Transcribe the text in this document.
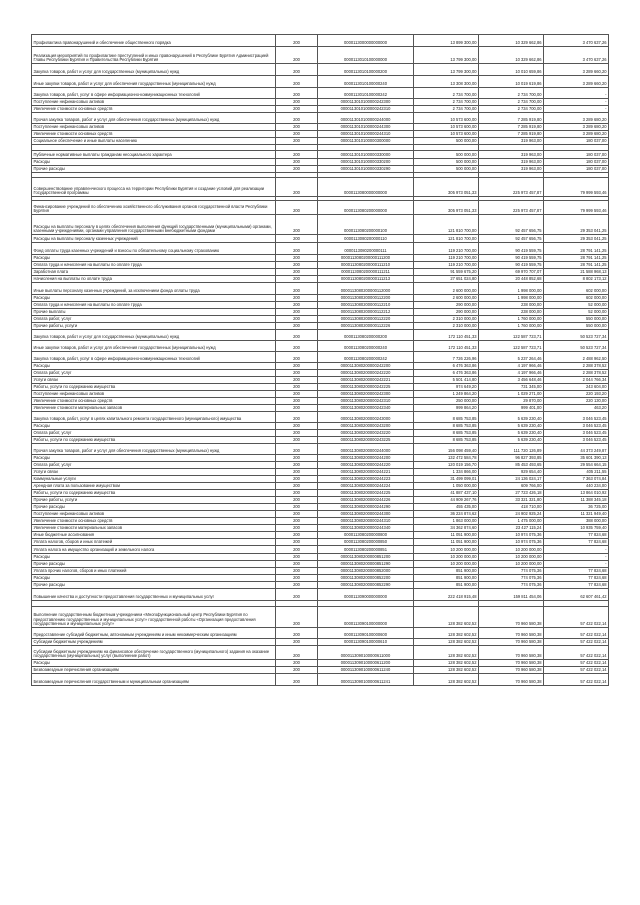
Профилактика правонарушений и обеспечение общественного порядка	200	0000113000000000000	13 899 300,00	10 329 662,86	3 470 637,26
Реализация мероприятий по профилактике преступлений и иных правонарушений в Республике Бурятия Администрацией Главы Республики Бурятия и Правительства Республики Бурятия	200	0000113010100000000	13 799 300,00	10 329 662,86	3 470 637,26
Закупка товаров, работ и услуг для государственных (муниципальных) нужд	200	0000113010100000200	13 799 300,00	10 010 659,86	3 289 660,20
Иные закупки товаров, работ и услуг для обеспечения государственных (муниципальных) нужд	200	0000113010100000240	13 308 300,00	10 019 619,86	3 289 660,20
Закупка товаров, работ, услуг в сфере информационно-коммуникационных технологий	200	0000113010100000242	2 734 700,00	2 734 700,00	-
Поступление нефинансовых активов	200	0000113010100000242300	2 734 700,00	2 734 700,00	-
Увеличение стоимости основных средств	200	0000113010100000242310	2 734 700,00	2 734 700,00	-
Прочая закупка товаров, работ и услуг для обеспечения государственных (муниципальных) нужд	200	0000113010100000244000	10 573 600,00	7 285 919,80	3 289 680,20
Поступление нефинансовых активов	200	0000113010100000244300	10 573 600,00	7 285 919,80	3 289 680,20
Увеличение стоимости основных средств	200	0000113010100000244310	10 573 600,00	7 285 919,80	3 289 680,20
Социальное обеспечение и иные выплаты населению	200	0000113010100000300000	500 000,00	319 963,00	180 037,00

Публичные нормативные выплаты гражданам несоциального характера	200	0000113010100000330000	500 000,00	319 963,00	180 037,00
Расходы	200	0000113010100000330200	500 000,00	319 963,00	180 037,00
Прочие расходы	200	0000113010100000330290	500 000,00	319 963,00	180 037,00

Совершенствование управленческого процесса на территории Республики Бурятия и создание условий для реализации Государственной программы	200	0000113080000000000	305 973 051,33	225 973 457,87	79 999 593,46

Финансирование учреждений по обеспечению хозяйственного обслуживания органов государственной власти Республики Бурятия	200	0000113080200000000	305 973 051,33	225 973 457,87	79 999 593,46
Расходы на выплаты персоналу в целях обеспечения выполнения функций государственными (муниципальными) органами, казенными учреждениями, органами управления государственными внебюджетными фондами	200	0000113080200000100	121 810 700,00	92 457 656,75	29 353 041,25
Расходы на выплаты персоналу казенных учреждений	200	0000113080200000110	121 810 700,00	92 457 656,75	29 353 041,25
Фонд оплаты труда казенных учреждений и взносы по обязательному социальному страхованию	200	0000113080200000111	119 210 700,00	90 419 559,75	28 791 141,25
Расходы	200	0000113080200000111200	119 210 700,00	90 419 559,75	28 791 141,25
Оплата труда и начисления на выплаты по оплате труда	200	0000113080200000111210	119 210 700,00	90 419 559,75	28 791 141,25
Заработная плата	200	0000113080200000111211	91 559 675,20	69 970 707,07	21 588 968,13
Начисления на выплаты по оплате труда	200	0000113080200000111213	27 651 024,80	20 448 852,68	8 802 173,12
Иные выплаты персоналу казенных учреждений, за исключением фонда оплаты труда	200	0000113080200000112000	2 600 000,00	1 998 000,00	602 000,00
Расходы	200	0000113080200000112200	2 600 000,00	1 998 000,00	602 000,00
Оплата труда и начисления на выплаты по оплате труда	200	0000113080200000112210	290 000,00	238 000,00	52 000,00
Прочие выплаты	200	0000113080200000112212	290 000,00	238 000,00	52 000,00
Оплата работ, услуг	200	0000113080200000112220	2 310 000,00	1 760 000,00	550 000,00
Прочие работы, услуги	200	0000113080200000112226	2 310 000,00	1 760 000,00	550 000,00
Закупка товаров, работ и услуг для государственных (муниципальных) нужд	200	0000113080200000200	172 110 451,33	122 587 723,71	50 523 727,34
Иные закупки товаров, работ и услуг для обеспечения государственных (муниципальных) нужд	200	0000113080200000240	172 110 451,33	122 587 723,71	50 523 727,34
Закупка товаров, работ, услуг в сфере информационно-коммуникационных технологий	200	0000113080200000242	7 726 226,96	5 237 264,46	2 488 962,50
Расходы	200	0000113080200000242200	6 476 363,86	4 197 966,46	2 288 378,52
Оплата работ, услуг	200	0000113080200000242220	6 476 363,86	4 197 966,46	2 288 378,52
Услуги связи	200	0000113080200000242221	5 501 414,80	3 456 648,46	2 044 766,34
Работы, услуги по содержанию имущества	200	0000113080200000242225	974 649,20	731 345,00	243 604,00
Поступление нефинансовых активов	200	0000113080200000242300	1 249 864,20	1 029 271,00	220 193,20
Увеличение стоимости основных средств	200	0000113080200000242310	250 000,00	29 870,00	220 130,00
Увеличение стоимости материальных запасов	200	0000113080200000242340	999 864,20	999 401,00	463,20
Закупка товаров, работ, услуг в целях капитального ремонта государственного (муниципального) имущества	200	0000113080200000243000	8 685 753,85	5 639 230,40	3 046 523,45
Расходы	200	0000113080200000243200	8 685 753,85	5 639 230,40	3 046 523,45
Оплата работ, услуг	200	0000113080200000243220	8 685 753,85	5 639 230,40	3 046 523,45
Работы, услуги по содержанию имущества	200	0000113080200000243225	8 685 753,85	5 639 230,40	3 046 523,45
Прочая закупка товаров, работ и услуг для обеспечения государственных (муниципальных) нужд	200	0000113080200000244000	156 098 459,40	111 720 126,89	44 373 249,87
Расходы	200	0000113080200000244200	132 472 584,78	96 827 393,85	35 601 390,13
Оплата работ, услуг	200	0000113080200000244220	120 019 156,70	85 453 493,65	29 554 664,15
Услуги связи	200	0000113080200000244221	1 334 866,00	929 654,40	405 211,55
Коммунальные услуги	200	0000113080200000244223	31 499 099,01	24 136 024,17	7 363 074,84
Арендная плата за пользование имуществом	200	0000113080200000244224	1 050 000,00	609 766,00	440 234,00
Работы, услуги по содержанию имущества	200	0000113080200000244225	41 887 437,10	27 723 426,18	13 864 010,92
Прочие работы, услуги	200	0000113080200000244226	44 909 267,76	33 321 321,80	11 388 345,18
Прочие расходы	200	0000113080200000244290	455 435,00	418 710,00	36 725,00
Поступление нефинансовых активов	200	0000113080200000244300	36 224 874,62	24 902 925,24	11 321 949,40
Увеличение стоимости основных средств	200	0000113080200000244310	1 863 000,00	1 475 000,00	388 000,00
Увеличение стоимости материальных запасов	200	0000113080200000244340	34 362 874,60	23 427 115,24	10 935 759,40
Иные бюджетные ассигнования	200	0000113080200000800	11 051 900,00	10 974 075,36	77 824,68
Уплата налогов, сборов и иных платежей	200	0000113080200000850	11 051 900,00	10 974 075,36	77 824,68
Уплата налога на имущество организаций и земельного налога	200	0000113080200000851	10 200 000,00	10 200 000,00	-
Расходы	200	0000113080200000851200	10 200 000,00	10 200 000,00	-
Прочие расходы	200	0000113080200000851290	10 200 000,00	10 200 000,00	-
Уплата прочих налогов, сборов и иных платежей	200	0000113080200000852000	851 900,00	774 075,36	77 824,68
Расходы	200	0000113080200000852200	851 900,00	774 075,36	77 824,68
Прочие расходы	200	0000113080200000852290	851 900,00	774 075,36	77 824,68
Повышение качества и доступности предоставления государственных и муниципальных услуг	200	0000113090000000000	222 418 915,48	159 811 454,06	62 607 461,42

Выполнение государственным бюджетным учреждением «Многофункциональный центр Республики Бурятия по предоставлению государственных и муниципальных услуг» государственной работы «Организация предоставления государственных и муниципальных услуг»	200	0000113090100000000	128 382 602,52	70 960 580,38	57 422 022,14
Предоставление субсидий бюджетным, автономным учреждениям и иным некоммерческим организациям	200	0000113090100000600	128 382 602,52	70 960 580,38	57 422 022,14
Субсидии бюджетным учреждениям	200	0000113090100000610	128 382 602,52	70 960 580,38	57 422 022,14
Субсидии бюджетным учреждениям на финансовое обеспечение государственного (муниципального) задания на оказание государственных (муниципальных) услуг (выполнение работ)	200	0000113090100000611000	128 382 602,52	70 960 580,38	57 422 022,14
Расходы	200	0000113090100000611200	128 382 602,52	70 960 580,38	57 422 022,14
Безвозмездные перечисления организациям	200	0000113090100000611240	128 382 602,52	70 960 580,38	57 422 022,14
Безвозмездные перечисления государственным и муниципальным организациям	200	0000113090100000611241	128 382 602,52	70 960 580,38	57 422 022,14
